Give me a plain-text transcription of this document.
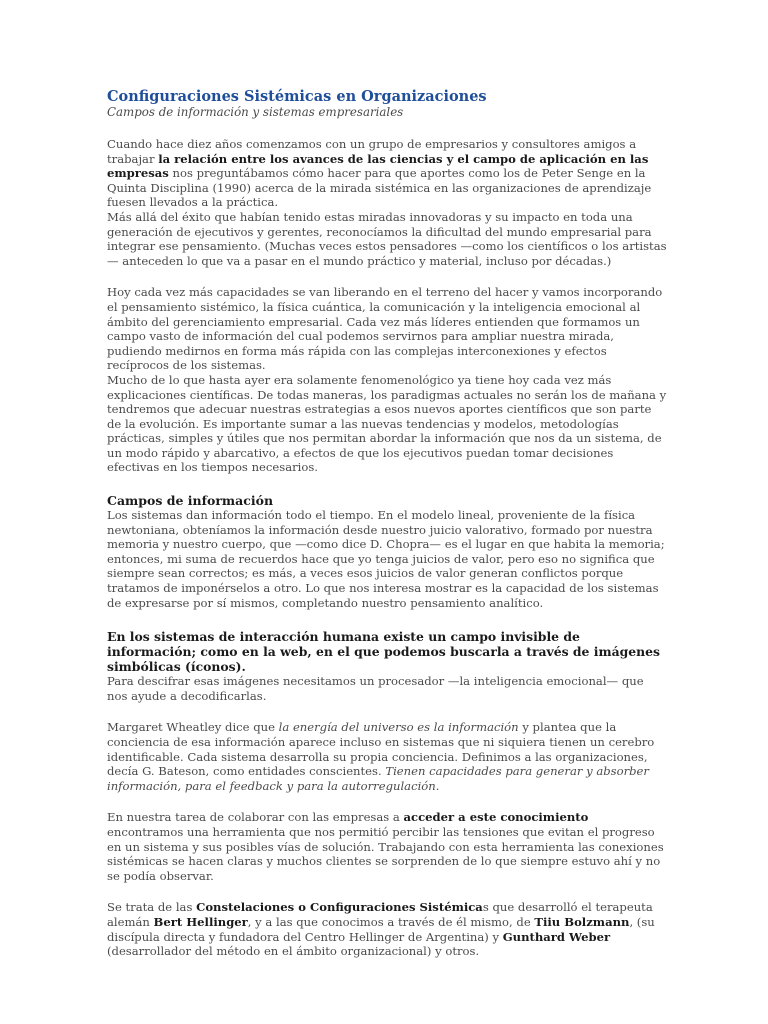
Configuraciones Sistémicas en Organizaciones

Campos de información y sistemas empresariales

Cuando hace diez años comenzamos con un grupo de empresarios y consultores amigos a trabajar la relación entre los avances de las ciencias y el campo de aplicación en las empresas nos preguntábamos cómo hacer para que aportes como los de Peter Senge en la Quinta Disciplina (1990) acerca de la mirada sistémica en las organizaciones de aprendizaje fuesen llevados a la práctica.

Más allá del éxito que habían tenido estas miradas innovadoras y su impacto en toda una generación de ejecutivos y gerentes, reconocíamos la dificultad del mundo empresarial para integrar ese pensamiento. (Muchas veces estos pensadores —como los científicos o los artistas— anteceden lo que va a pasar en el mundo práctico y material, incluso por décadas.)

Hoy cada vez más capacidades se van liberando en el terreno del hacer y vamos incorporando el pensamiento sistémico, la física cuántica, la comunicación y la inteligencia emocional al ámbito del gerenciamiento empresarial. Cada vez más líderes entienden que formamos un campo vasto de información del cual podemos servirnos para ampliar nuestra mirada, pudiendo medirnos en forma más rápida con las complejas interconexiones y efectos recíprocos de los sistemas.

Mucho de lo que hasta ayer era solamente fenomenológico ya tiene hoy cada vez más explicaciones científicas. De todas maneras, los paradigmas actuales no serán los de mañana y tendremos que adecuar nuestras estrategias a esos nuevos aportes científicos que son parte de la evolución. Es importante sumar a las nuevas tendencias y modelos, metodologías prácticas, simples y útiles que nos permitan abordar la información que nos da un sistema, de un modo rápido y abarcativo, a efectos de que los ejecutivos puedan tomar decisiones efectivas en los tiempos necesarios.

Campos de información

Los sistemas dan información todo el tiempo. En el modelo lineal, proveniente de la física newtoniana, obteníamos la información desde nuestro juicio valorativo, formado por nuestra memoria y nuestro cuerpo, que —como dice D. Chopra— es el lugar en que habita la memoria; entonces, mi suma de recuerdos hace que yo tenga juicios de valor, pero eso no significa que siempre sean correctos; es más, a veces esos juicios de valor generan conflictos porque tratamos de imponérselos a otro. Lo que nos interesa mostrar es la capacidad de los sistemas de expresarse por sí mismos, completando nuestro pensamiento analítico.

En los sistemas de interacción humana existe un campo invisible de información; como en la web, en el que podemos buscarla a través de imágenes simbólicas (íconos).

Para descifrar esas imágenes necesitamos un procesador —la inteligencia emocional— que nos ayude a decodificarlas.

Margaret Wheatley dice que la energía del universo es la información y plantea que la conciencia de esa información aparece incluso en sistemas que ni siquiera tienen un cerebro identificable. Cada sistema desarrolla su propia conciencia. Definimos a las organizaciones, decía G. Bateson, como entidades conscientes. Tienen capacidades para generar y absorber información, para el feedback y para la autorregulación.

En nuestra tarea de colaborar con las empresas a acceder a este conocimiento encontramos una herramienta que nos permitió percibir las tensiones que evitan el progreso en un sistema y sus posibles vías de solución. Trabajando con esta herramienta las conexiones sistémicas se hacen claras y muchos clientes se sorprenden de lo que siempre estuvo ahí y no se podía observar.

Se trata de las Constelaciones o Configuraciones Sistémicas que desarrolló el terapeuta alemán Bert Hellinger, y a las que conocimos a través de él mismo, de Tiiu Bolzmann, (su discípula directa y fundadora del Centro Hellinger de Argentina) y Gunthard Weber (desarrollador del método en el ámbito organizacional) y otros.
